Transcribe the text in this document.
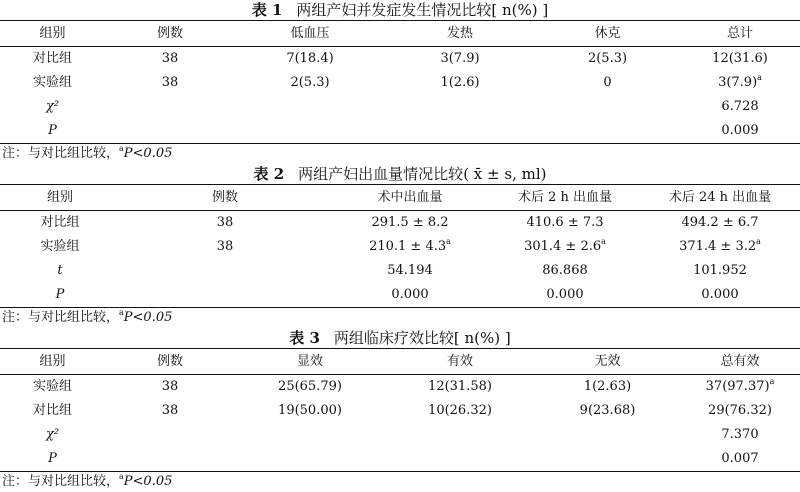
表 1 两组产妇并发症发生情况比较[ n(%) ]
组别	例数	低血压	发热	休克	总计
对比组	38	7(18.4)	3(7.9)	2(5.3)	12(31.6)
实验组	38	2(5.3)	1(2.6)	0	$3(7.9)^a$
χ²					6.728
P					0.009
注：与对比组比较，$^a$P<0.05
表 2 两组产妇出血量情况比较( x̄ ± s, ml)
组别	例数	术中出血量	术后 2 h 出血量	术后 24 h 出血量
对比组	38	291.5 ± 8.2	410.6 ± 7.3	494.2 ± 6.7
实验组	38	210.1 ± 4.3$^a$	301.4 ± 2.6$^a$	371.4 ± 3.2$^a$
t		54.194	86.868	101.952
P		0.000	0.000	0.000
注：与对比组比较，$^a$P<0.05
表 3 两组临床疗效比较[ n(%) ]
组别	例数	显效	有效	无效	总有效
实验组	38	25(65.79)	12(31.58)	1(2.63)	$37(97.37)^a$
对比组	38	19(50.00)	10(26.32)	9(23.68)	29(76.32)
χ²					7.370
P					0.007
注：与对比组比较，$^a$P<0.05
